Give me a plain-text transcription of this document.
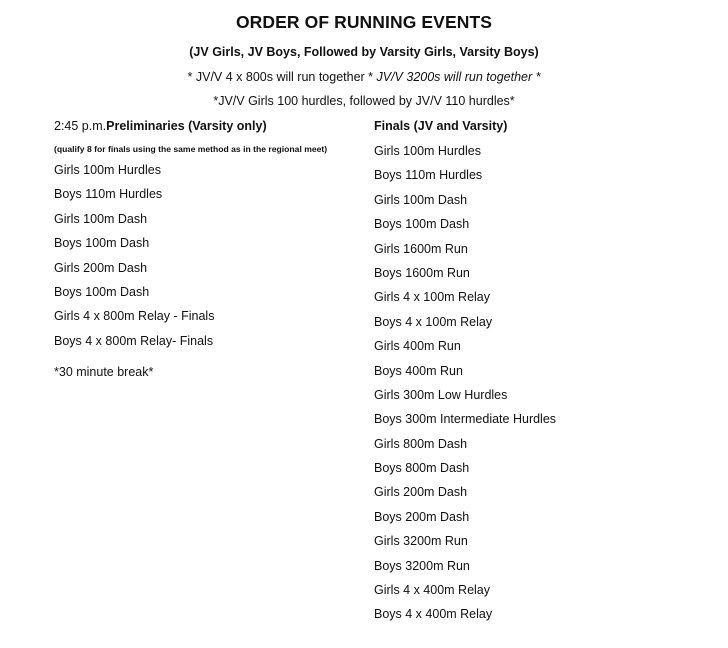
ORDER OF RUNNING EVENTS
(JV Girls, JV Boys, Followed by Varsity Girls, Varsity Boys)
* JV/V 4 x 800s will run together * JV/V 3200s will run together *
*JV/V Girls 100 hurdles, followed by JV/V 110 hurdles*
2:45 p.m.Preliminaries (Varsity only)
(qualify 8 for finals using the same method as in the regional meet)
Girls 100m Hurdles
Boys 110m Hurdles
Girls 100m Dash
Boys 100m Dash
Girls 200m Dash
Boys 100m Dash
Girls 4 x 800m Relay - Finals
Boys 4 x 800m Relay- Finals
*30 minute break*
Finals (JV and Varsity)
Girls 100m Hurdles
Boys 110m Hurdles
Girls 100m Dash
Boys 100m Dash
Girls 1600m Run
Boys 1600m Run
Girls 4 x 100m Relay
Boys 4 x 100m Relay
Girls 400m Run
Boys 400m Run
Girls 300m Low Hurdles
Boys 300m Intermediate Hurdles
Girls 800m Dash
Boys 800m Dash
Girls 200m Dash
Boys 200m Dash
Girls 3200m Run
Boys 3200m Run
Girls 4 x 400m Relay
Boys 4 x 400m Relay
